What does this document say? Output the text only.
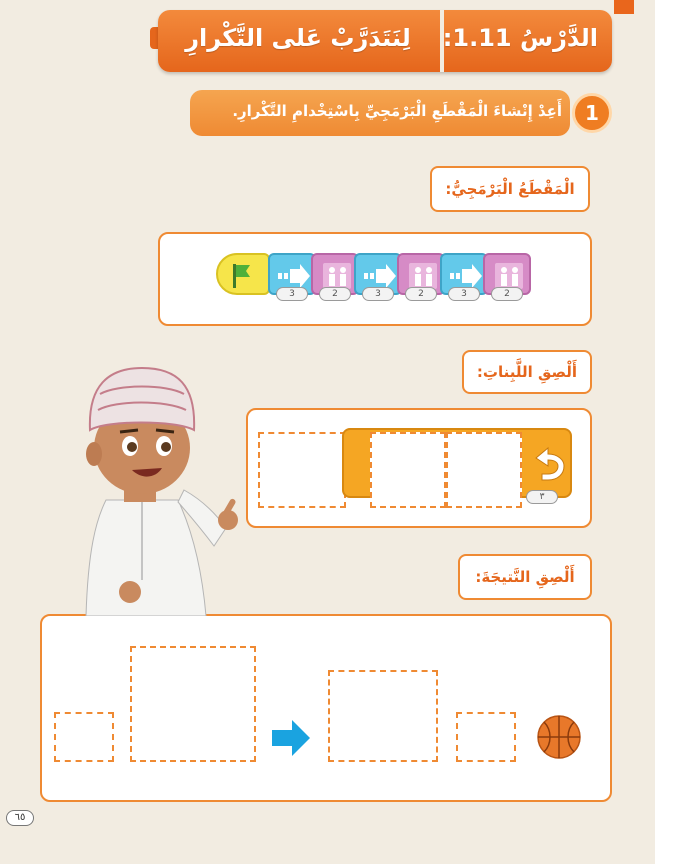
الدَّرْسُ 1.11:
لِنَتَدَرَّبْ عَلى التَّكْرارِ
أَعِدْ إِنْشاءَ الْمَقْطَعِ الْبَرْمَجِيِّ بِاسْتِخْدامِ التَّكْرارِ.	1
الْمَقْطَعُ الْبَرْمَجِيُّ:
3	2	3	2	3	2
أَلْصِقِ اللَّبِناتِ:
٣
أَلْصِقِ النَّتيجَةَ:
٦٥
